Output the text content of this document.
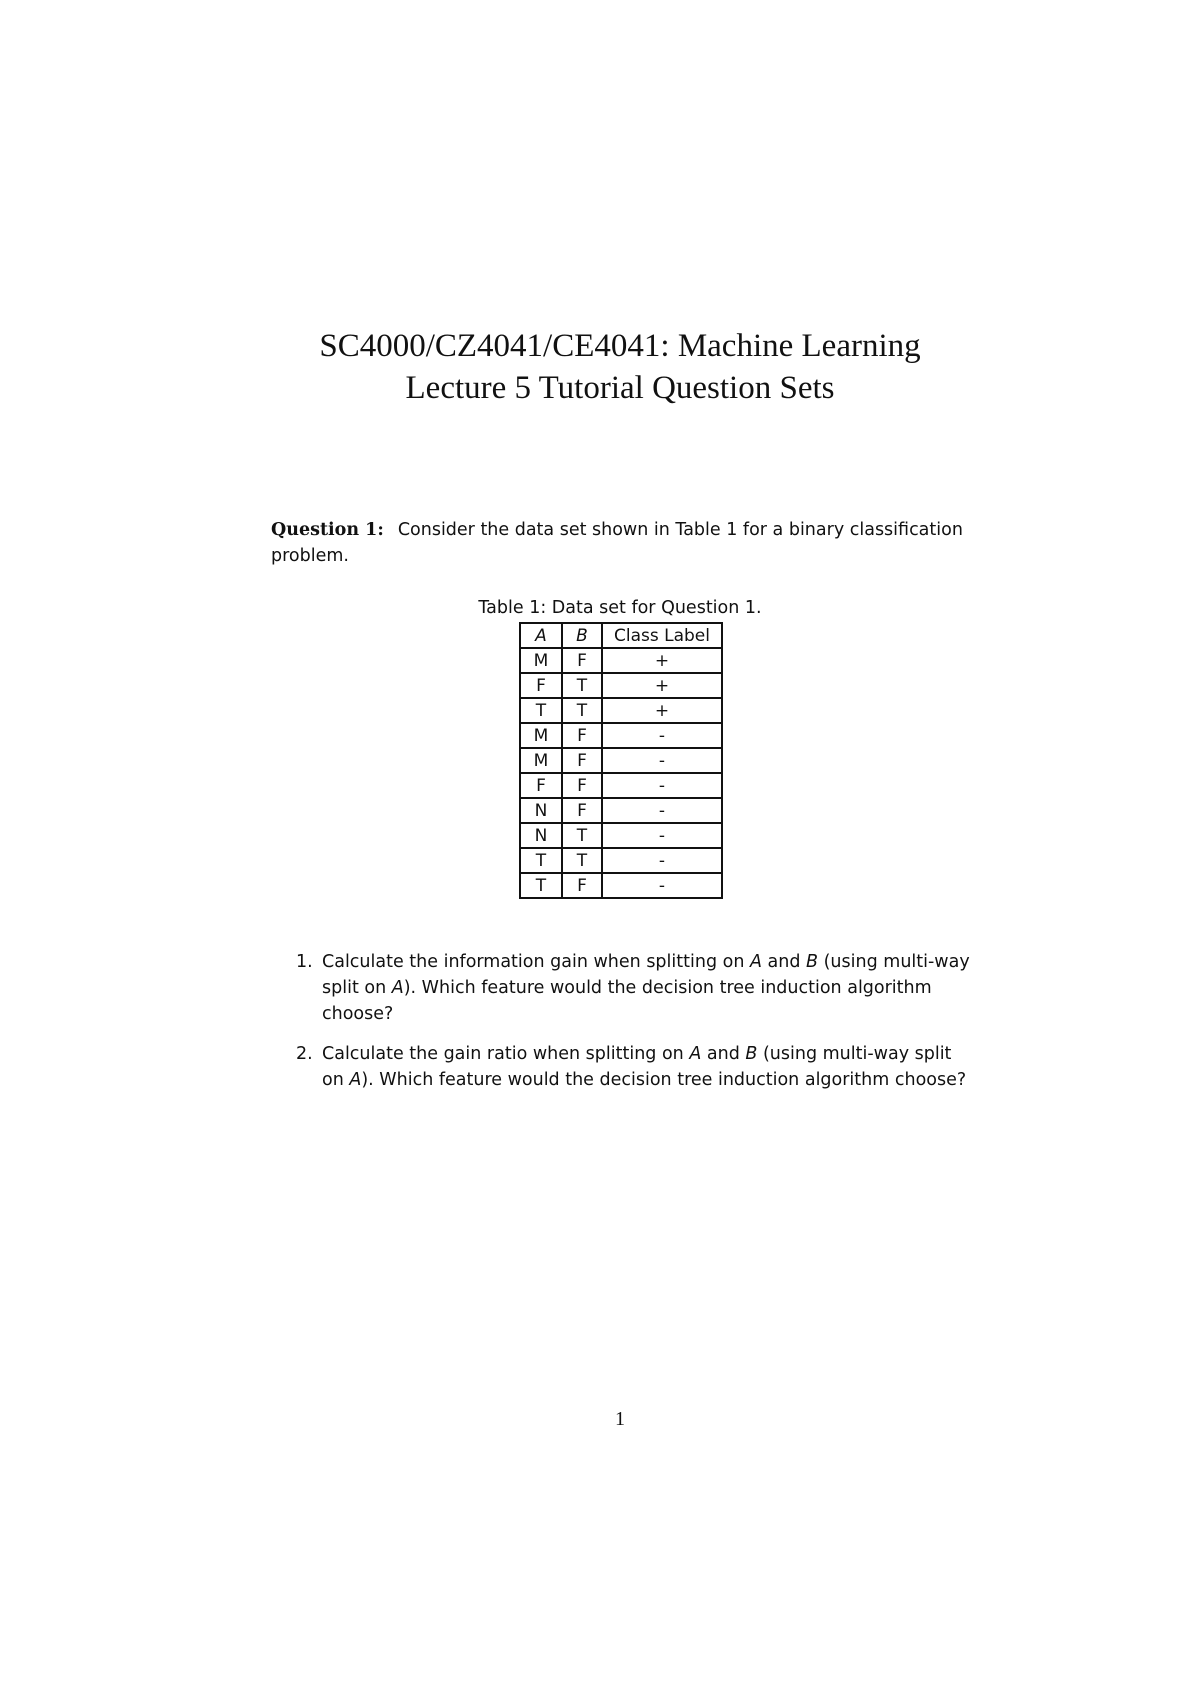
SC4000/CZ4041/CE4041: Machine Learning
Lecture 5 Tutorial Question Sets
Question 1: Consider the data set shown in Table 1 for a binary classification problem.
Table 1: Data set for Question 1.
A	B	Class Label
M	F	+
F	T	+
T	T	+
M	F	-
M	F	-
F	F	-
N	F	-
N	T	-
T	T	-
T	F	-
1. Calculate the information gain when splitting on A and B (using multi-way split on A). Which feature would the decision tree induction algorithm choose?
2. Calculate the gain ratio when splitting on A and B (using multi-way split on A). Which feature would the decision tree induction algorithm choose?
1
